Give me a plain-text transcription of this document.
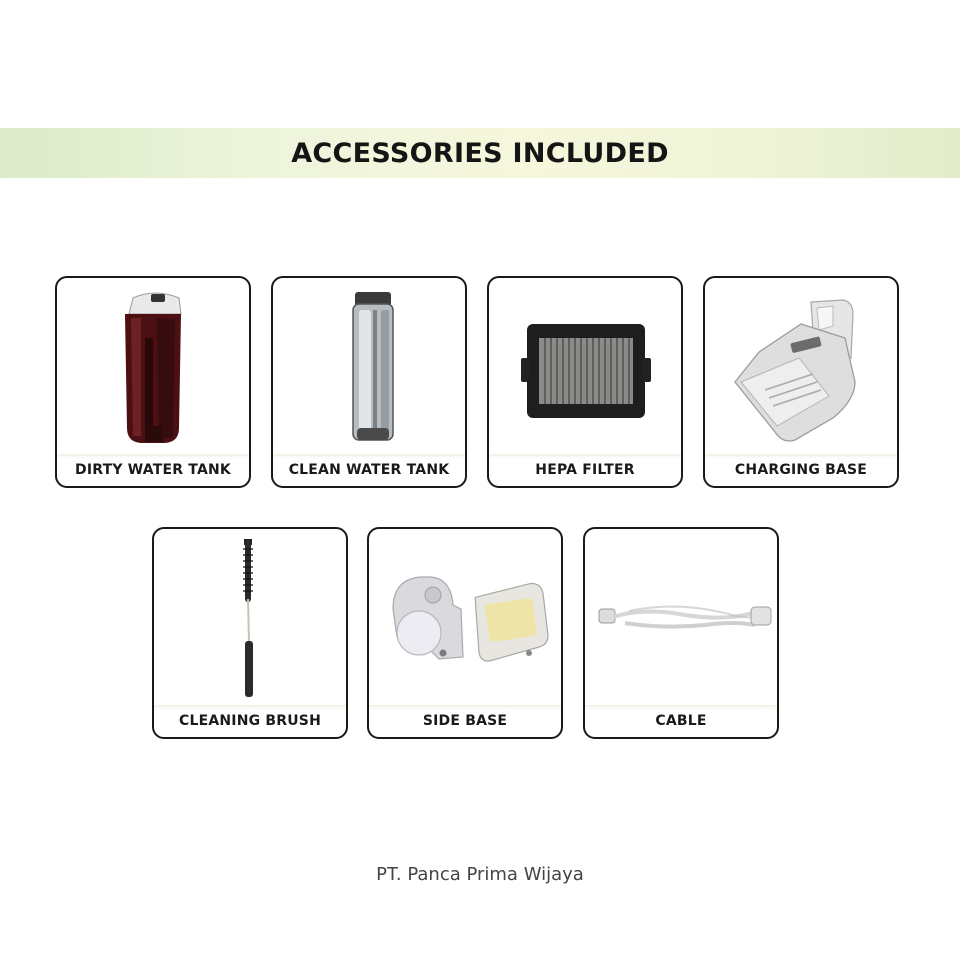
ACCESSORIES INCLUDED
DIRTY WATER TANK	CLEAN WATER TANK	HEPA FILTER	CHARGING BASE
CLEANING BRUSH	SIDE BASE	CABLE
PT. Panca Prima Wijaya
